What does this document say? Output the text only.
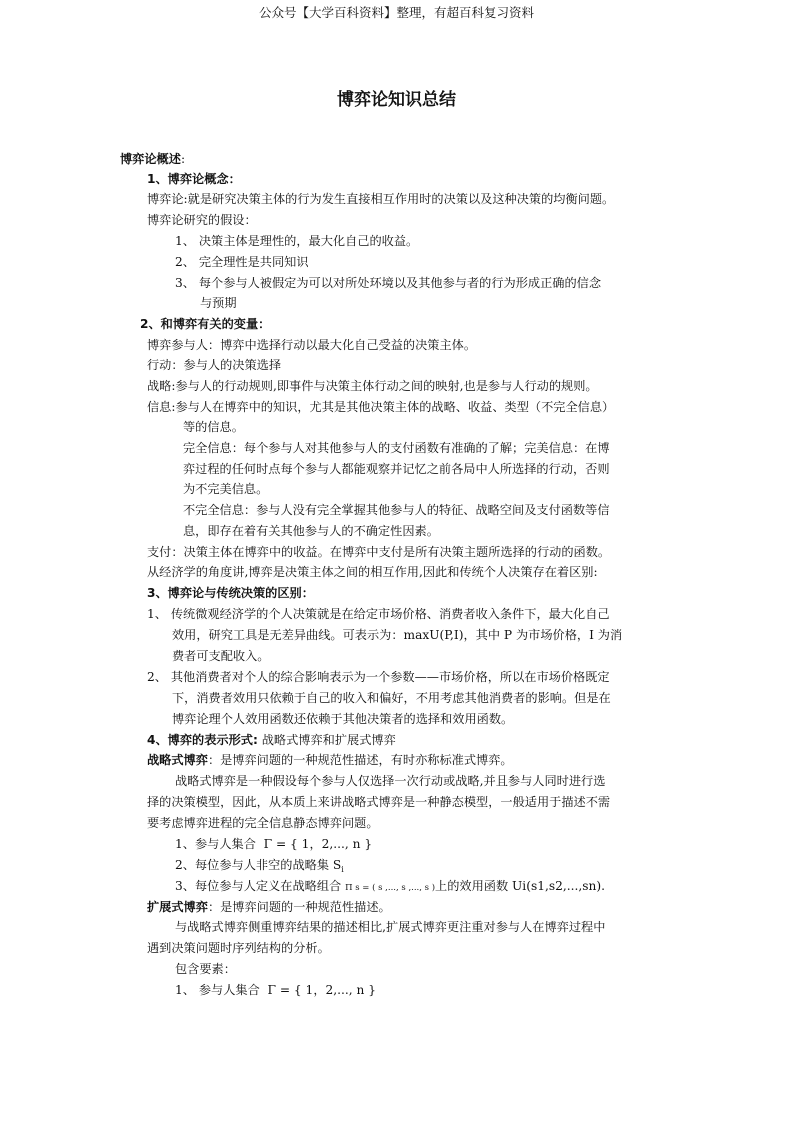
公众号【大学百科资料】整理，有超百科复习资料
博弈论知识总结
博弈论概述:
1、博弈论概念：
博弈论:就是研究决策主体的行为发生直接相互作用时的决策以及这种决策的均衡问题。
博弈论研究的假设：
1、 决策主体是理性的，最大化自己的收益。
2、 完全理性是共同知识
3、 每个参与人被假定为可以对所处环境以及其他参与者的行为形成正确的信念
与预期
2、和博弈有关的变量：
博弈参与人：博弈中选择行动以最大化自己受益的决策主体。
行动：参与人的决策选择
战略:参与人的行动规则,即事件与决策主体行动之间的映射,也是参与人行动的规则。
信息:参与人在博弈中的知识，尤其是其他决策主体的战略、收益、类型（不完全信息）
等的信息。
完全信息：每个参与人对其他参与人的支付函数有准确的了解；完美信息：在博
弈过程的任何时点每个参与人都能观察并记忆之前各局中人所选择的行动，否则
为不完美信息。
不完全信息：参与人没有完全掌握其他参与人的特征、战略空间及支付函数等信
息，即存在着有关其他参与人的不确定性因素。
支付：决策主体在博弈中的收益。在博弈中支付是所有决策主题所选择的行动的函数。
从经济学的角度讲,博弈是决策主体之间的相互作用,因此和传统个人决策存在着区别:
3、博弈论与传统决策的区别：
1、 传统微观经济学的个人决策就是在给定市场价格、消费者收入条件下，最大化自己
效用，研究工具是无差异曲线。可表示为：maxU(P,I)，其中 P 为市场价格，I 为消
费者可支配收入。
2、 其他消费者对个人的综合影响表示为一个参数——市场价格，所以在市场价格既定
下，消费者效用只依赖于自己的收入和偏好，不用考虑其他消费者的影响。但是在
博弈论理个人效用函数还依赖于其他决策者的选择和效用函数。
4、博弈的表示形式: 战略式博弈和扩展式博弈
战略式博弈：是博弈问题的一种规范性描述，有时亦称标准式博弈。
战略式博弈是一种假设每个参与人仅选择一次行动或战略,并且参与人同时进行选
择的决策模型，因此，从本质上来讲战略式博弈是一种静态模型，一般适用于描述不需
要考虑博弈进程的完全信息静态博弈问题。
1、参与人集合 Γ = { 1，2,..., n }
2、每位参与人非空的战略集 $S_i$
3、每位参与人定义在战略组合 Π s = ( s ,..., s ,..., s )上的效用函数 Ui(s1,s2,...,sn).
扩展式博弈：是博弈问题的一种规范性描述。
与战略式博弈侧重博弈结果的描述相比,扩展式博弈更注重对参与人在博弈过程中
遇到决策问题时序列结构的分析。
包含要素：
1、 参与人集合 Γ = { 1，2,..., n }
